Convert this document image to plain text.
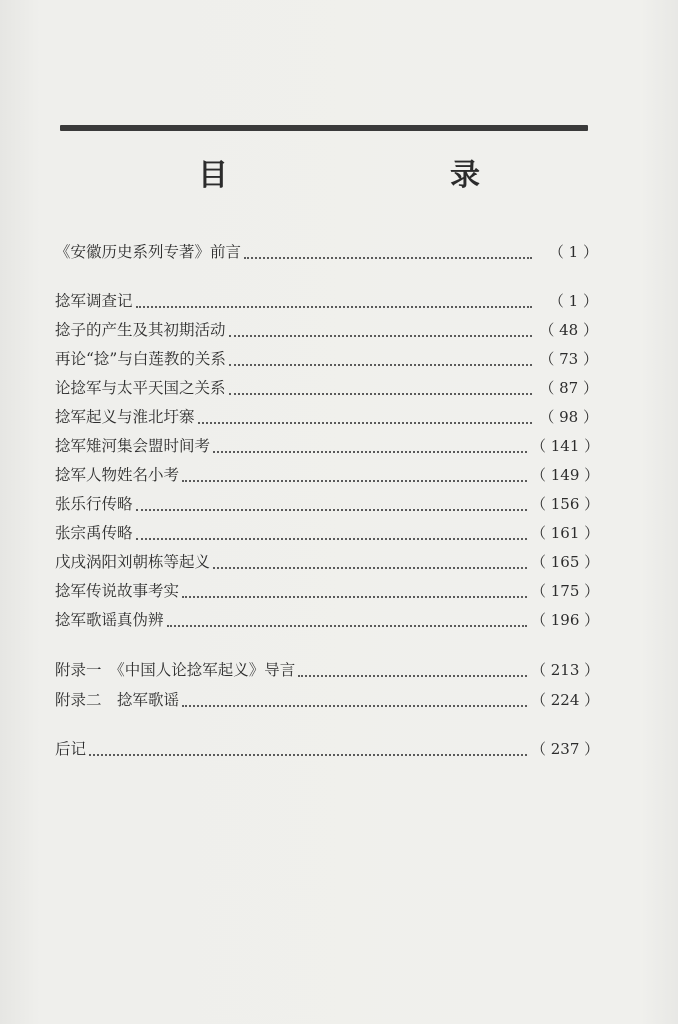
目　　录
《安徽历史系列专著》前言	（ 1 ）
捻军调查记	（ 1 ）
捻子的产生及其初期活动	（ 48 ）
再论“捻”与白莲教的关系	（ 73 ）
论捻军与太平天国之关系	（ 87 ）
捻军起义与淮北圩寨	（ 98 ）
捻军雉河集会盟时间考	（ 141 ）
捻军人物姓名小考	（ 149 ）
张乐行传略	（ 156 ）
张宗禹传略	（ 161 ）
戊戌涡阳刘朝栋等起义	（ 165 ）
捻军传说故事考实	（ 175 ）
捻军歌谣真伪辨	（ 196 ）
附录一　《中国人论捻军起义》导言	（ 213 ）
附录二　捻军歌谣	（ 224 ）
后记	（ 237 ）
